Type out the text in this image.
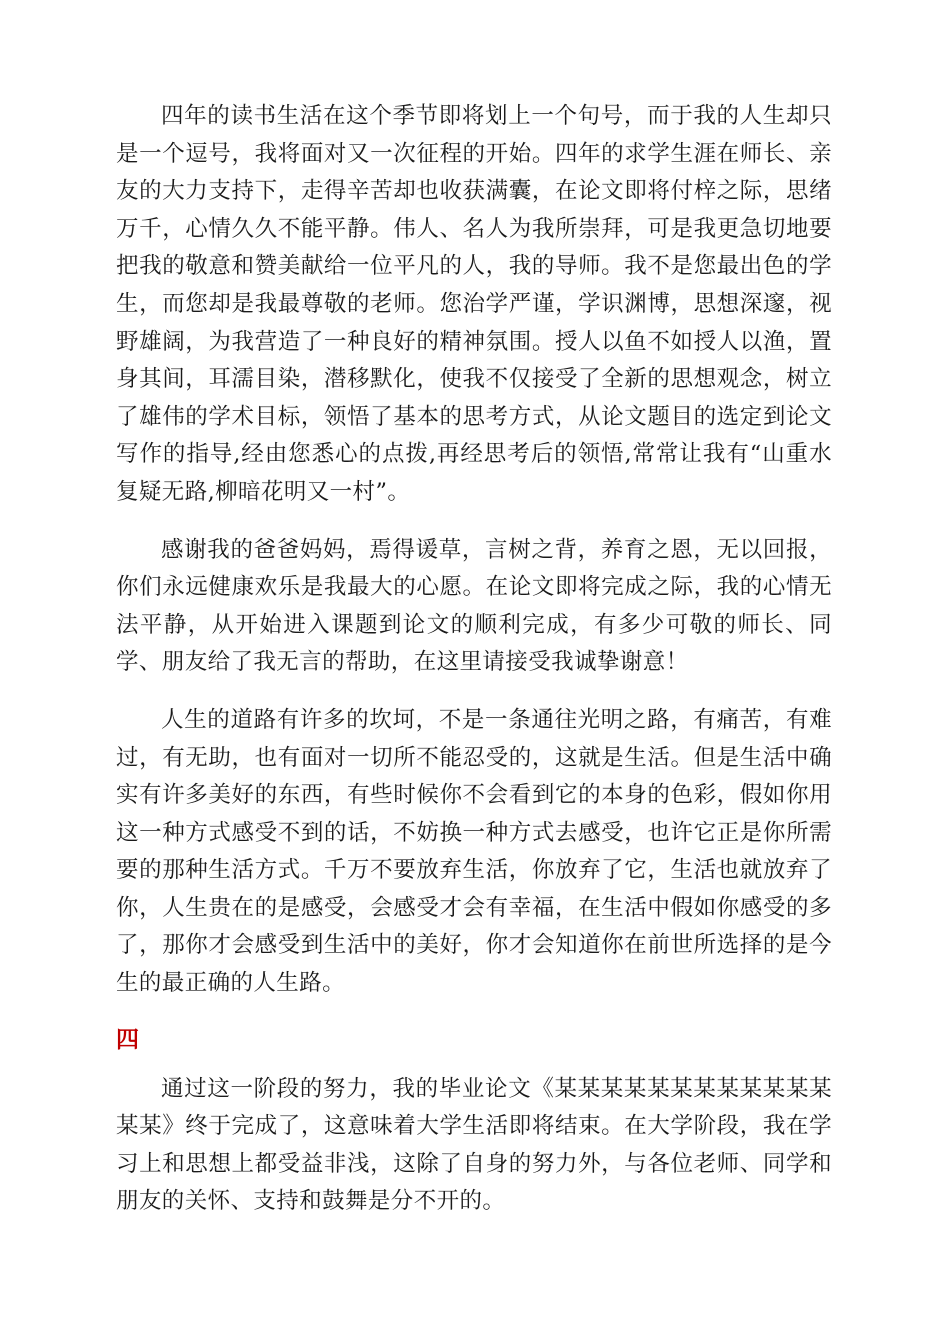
四年的读书生活在这个季节即将划上一个句号，而于我的人生却只是一个逗号，我将面对又一次征程的开始。四年的求学生涯在师长、亲友的大力支持下，走得辛苦却也收获满囊，在论文即将付梓之际，思绪万千，心情久久不能平静。伟人、名人为我所崇拜，可是我更急切地要把我的敬意和赞美献给一位平凡的人，我的导师。我不是您最出色的学生，而您却是我最尊敬的老师。您治学严谨，学识渊博，思想深邃，视野雄阔，为我营造了一种良好的精神氛围。授人以鱼不如授人以渔，置身其间，耳濡目染，潜移默化，使我不仅接受了全新的思想观念，树立了雄伟的学术目标，领悟了基本的思考方式，从论文题目的选定到论文写作的指导,经由您悉心的点拨,再经思考后的领悟,常常让我有“山重水复疑无路,柳暗花明又一村”。

感谢我的爸爸妈妈，焉得谖草，言树之背，养育之恩，无以回报，你们永远健康欢乐是我最大的心愿。在论文即将完成之际，我的心情无法平静，从开始进入课题到论文的顺利完成，有多少可敬的师长、同学、朋友给了我无言的帮助，在这里请接受我诚挚谢意！

人生的道路有许多的坎坷，不是一条通往光明之路，有痛苦，有难过，有无助，也有面对一切所不能忍受的，这就是生活。但是生活中确实有许多美好的东西，有些时候你不会看到它的本身的色彩，假如你用这一种方式感受不到的话，不妨换一种方式去感受，也许它正是你所需要的那种生活方式。千万不要放弃生活，你放弃了它，生活也就放弃了你，人生贵在的是感受，会感受才会有幸福，在生活中假如你感受的多了，那你才会感受到生活中的美好，你才会知道你在前世所选择的是今生的最正确的人生路。

四

通过这一阶段的努力，我的毕业论文《某某某某某某某某某某某某某某》终于完成了，这意味着大学生活即将结束。在大学阶段，我在学习上和思想上都受益非浅，这除了自身的努力外，与各位老师、同学和朋友的关怀、支持和鼓舞是分不开的。
